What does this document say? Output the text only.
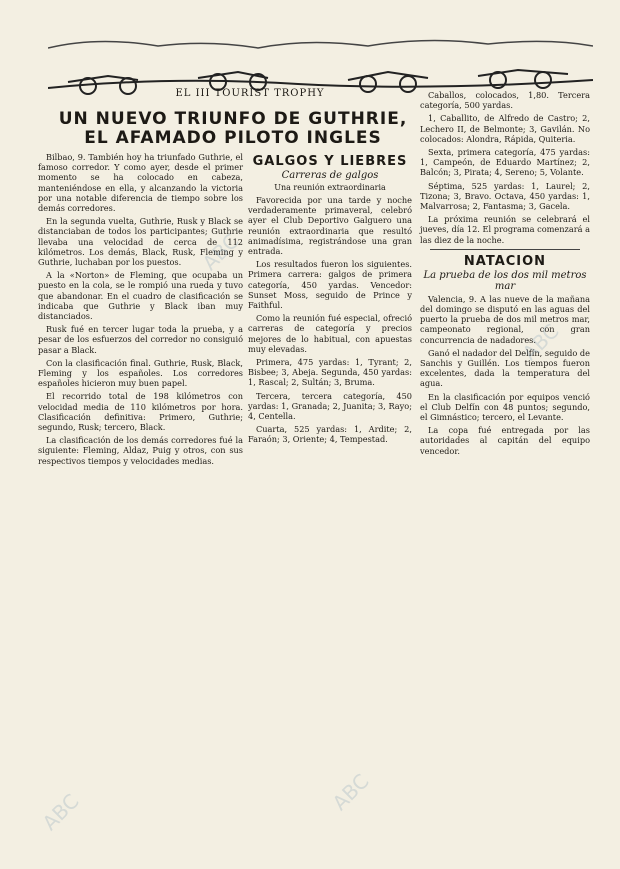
EL III TOURIST TROPHY
UN NUEVO TRIUNFO DE GUTHRIE, EL AFAMADO PILOTO INGLES

Bilbao, 9. También hoy ha triunfado Guthrie, el famoso corredor. Y como ayer, desde el primer momento se ha colocado en cabeza, manteniéndose en ella, y alcanzando la victoria por una notable diferencia de tiempo sobre los demás corredores.

En la segunda vuelta, Guthrie, Rusk y Black se distanciaban de todos los participantes; Guthrie llevaba una velocidad de cerca de 112 kilómetros. Los demás, Black, Rusk, Fleming y Guthrie, luchaban por los puestos.

A la «Norton» de Fleming, que ocupaba un puesto en la cola, se le rompió una rueda y tuvo que abandonar. En el cuadro de clasificación se indicaba que Guthrie y Black iban muy distanciados.

Rusk fué en tercer lugar toda la prueba, y a pesar de los esfuerzos del corredor no consiguió pasar a Black.

Con la clasificación final. Guthrie, Rusk, Black, Fleming y los españoles. Los corredores españoles hicieron muy buen papel.

El recorrido total de 198 kilómetros con velocidad media de 110 kilómetros por hora. Clasificación definitiva: Primero, Guthrie; segundo, Rusk; tercero, Black.

La clasificación de los demás corredores fué la siguiente: Fleming, Aldaz, Puig y otros, con sus respectivos tiempos y velocidades medias.

GALGOS Y LIEBRES
Carreras de galgos
Una reunión extraordinaria

Favorecida por una tarde y noche verdaderamente primaveral, celebró ayer el Club Deportivo Galguero una reunión extraordinaria que resultó animadísima, registrándose una gran entrada.

Los resultados fueron los siguientes. Primera carrera: galgos de primera categoría, 450 yardas. Vencedor: Sunset Moss, seguido de Prince y Faithful.

Como la reunión fué especial, ofreció carreras de categoría y precios mejores de lo habitual, con apuestas muy elevadas.

Primera, 475 yardas: 1, Tyrant; 2, Bisbee; 3, Abeja. Segunda, 450 yardas: 1, Rascal; 2, Sultán; 3, Bruma.

Tercera, tercera categoría, 450 yardas: 1, Granada; 2, Juanita; 3, Rayo; 4, Centella.

Cuarta, 525 yardas: 1, Ardite; 2, Faraón; 3, Oriente; 4, Tempestad.

Caballos, colocados, 1,80. Tercera categoría, 500 yardas.

1, Caballito, de Alfredo de Castro; 2, Lechero II, de Belmonte; 3, Gavilán. No colocados: Alondra, Rápida, Quiteria.

Sexta, primera categoría, 475 yardas: 1, Campeón, de Eduardo Martínez; 2, Balcón; 3, Pirata; 4, Sereno; 5, Volante.

Séptima, 525 yardas: 1, Laurel; 2, Tizona; 3, Bravo. Octava, 450 yardas: 1, Malvarrosa; 2, Fantasma; 3, Gacela.

La próxima reunión se celebrará el jueves, día 12. El programa comenzará a las diez de la noche.

NATACION
La prueba de los dos mil metros mar

Valencia, 9. A las nueve de la mañana del domingo se disputó en las aguas del puerto la prueba de dos mil metros mar, campeonato regional, con gran concurrencia de nadadores.

Ganó el nadador del Delfín, seguido de Sanchis y Guillén. Los tiempos fueron excelentes, dada la temperatura del agua.

En la clasificación por equipos venció el Club Delfín con 48 puntos; segundo, el Gimnástico; tercero, el Levante.

La copa fué entregada por las autoridades al capitán del equipo vencedor.

ABC
ABC
ABC	ABC
